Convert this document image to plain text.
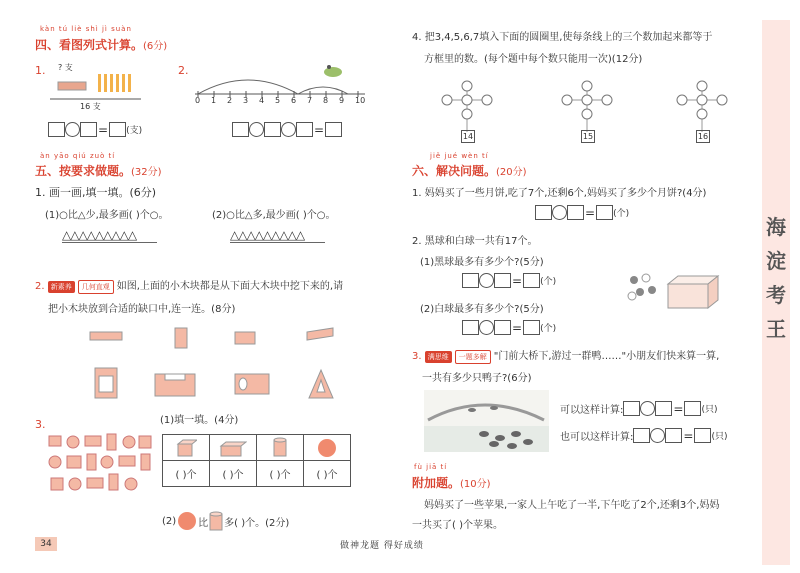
kàn tú liè shì jì suàn
四、看图列式计算。(6分)
1. ? 支
16 支
= (支)
2.
0 1 2 3 4 5 6 7 8 9 10
=
àn yāo qiú zuò tí
五、按要求做题。(32分)
1. 画一画,填一填。(6分)
(1)○比△少,最多画( )个○。	(2)○比△多,最少画( )个○。
△△△△△△△△△	△△△△△△△△△
2. 新素养 几何直观 如图,上面的小木块都是从下面大木块中挖下来的,请
把小木块放到合适的缺口中,连一连。(8分)
(1)填一填。(4分)
3.

( )个	( )个	( )个	( )个
(2) 比 多( )个。(2分)
34
4. 把3,4,5,6,7填入下面的圆圈里,使每条线上的三个数加起来都等于
方框里的数。(每个题中每个数只能用一次)(12分)
14	15	16
jiě jué wèn tí
六、解决问题。(20分)
1. 妈妈买了一些月饼,吃了7个,还剩6个,妈妈买了多少个月饼?(4分)
= (个)
2. 黑球和白球一共有17个。
(1)黑球最多有多少个?(5分)
= (个)
(2)白球最多有多少个?(5分)
= (个)
3. 满思维 一题多解 "门前大桥下,游过一群鸭……"小朋友们快来算一算,
一共有多少只鸭子?(6分)
可以这样计算:	= (只)
也可以这样计算:	= (只)
fù jiā tí
附加题。(10分)
妈妈买了一些苹果,一家人上午吃了一半,下午吃了2个,还剩3个,妈妈
一共买了( )个苹果。
海
淀
考
王
做神龙题 得好成绩
